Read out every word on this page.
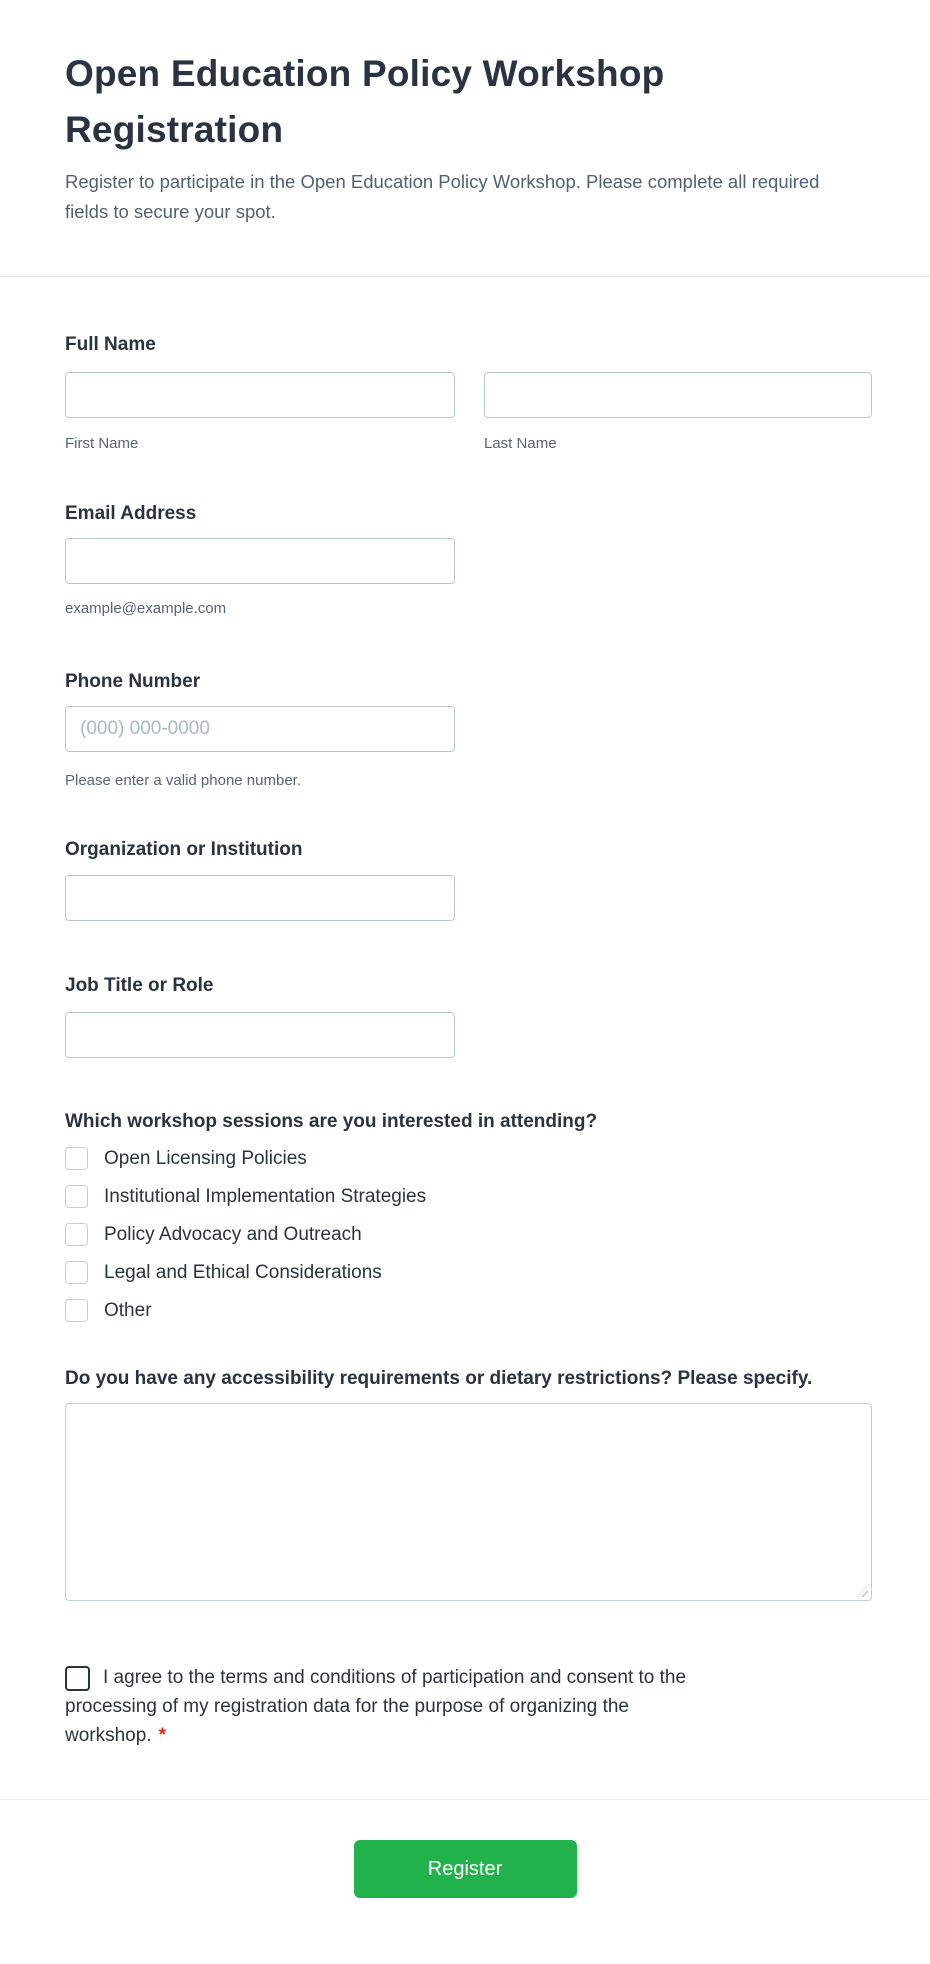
Open Education Policy Workshop Registration
Register to participate in the Open Education Policy Workshop. Please complete all required fields to secure your spot.
Full Name
First Name	Last Name
Email Address
example@example.com
Phone Number
(000) 000-0000
Please enter a valid phone number.
Organization or Institution
Job Title or Role
Which workshop sessions are you interested in attending?
Open Licensing Policies
Institutional Implementation Strategies
Policy Advocacy and Outreach
Legal and Ethical Considerations
Other
Do you have any accessibility requirements or dietary restrictions? Please specify.
I agree to the terms and conditions of participation and consent to the
processing of my registration data for the purpose of organizing the
workshop. *
Register
